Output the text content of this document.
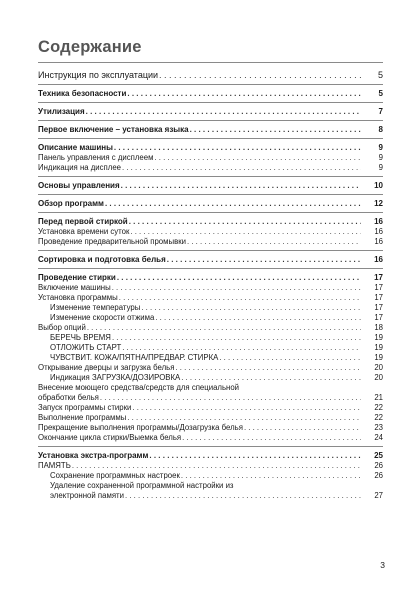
Содержание
Инструкция по эксплуатации . . .	5
Техника безопасности . . .	5
Утилизация . . .	7
Первое включение – установка языка . . .	8
Описание машины . . .	9
Панель управления с дисплеем . . .	9
Индикация на дисплее . . .	9
Основы управления . . .	10
Обзор программ . . .	12
Перед первой стиркой . . .	16
Установка времени суток . . .	16
Проведение предварительной промывки . . .	16
Сортировка и подготовка белья . . .	16
Проведение стирки . . .	17
Включение машины . . .	17
Установка программы . . .	17
Изменение температуры . . .	17
Изменение скорости отжима . . .	17
Выбор опций . . .	18
БЕРЕЧЬ ВРЕМЯ . . .	19
ОТЛОЖИТЬ СТАРТ . . .	19
ЧУВСТВИТ. КОЖА/ПЯТНА/ПРЕДВАР. СТИРКА . . .	19
Открывание дверцы и загрузка белья . . .	20
Индикация ЗАГРУЗКА/ДОЗИРОВКА . . .	20
Внесение моющего средства/средств для специальной
обработки белья . . .	21
Запуск программы стирки . . .	22
Выполнение программы . . .	22
Прекращение выполнения программы/Дозагрузка белья . . .	23
Окончание цикла стирки/Выемка белья . . .	24
Установка экстра-программ . . .	25
ПАМЯТЬ . . .	26
Сохранение программных настроек . . .	26
Удаление сохраненной программной настройки из
электронной памяти . . .	27
3
